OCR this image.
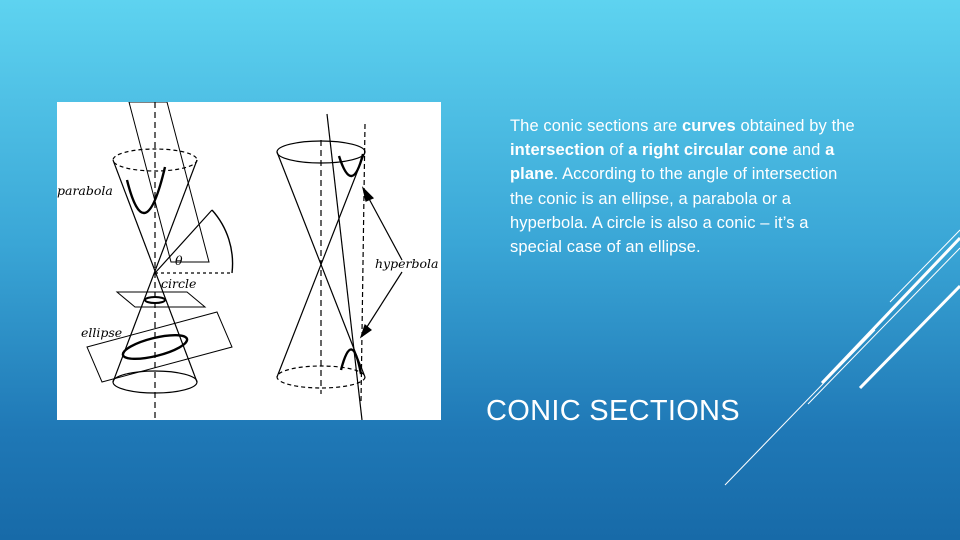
parabola
θ
circle
ellipse
hyperbola
The conic sections are curves obtained by the intersection of a right circular cone and a plane. According to the angle of intersection the conic is an ellipse, a parabola or a hyperbola. A circle is also a conic – it’s a special case of an ellipse.
CONIC SECTIONS
